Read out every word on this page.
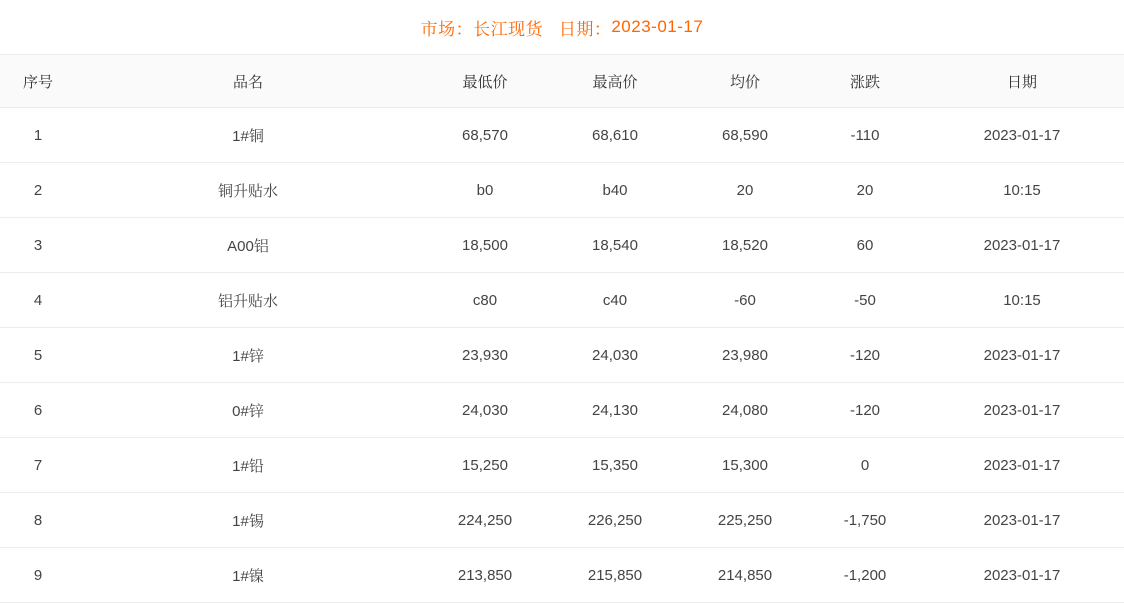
市场： 长江现货
日期： 2023-01-17
序号	品名	最低价	最高价	均价	涨跌	日期
1	1#铜	68,570	68,610	68,590	-110	2023-01-17
2	铜升贴水	b0	b40	20	20	10:15
3	A00铝	18,500	18,540	18,520	60	2023-01-17
4	铝升贴水	c80	c40	-60	-50	10:15
5	1#锌	23,930	24,030	23,980	-120	2023-01-17
6	0#锌	24,030	24,130	24,080	-120	2023-01-17
7	1#铅	15,250	15,350	15,300	0	2023-01-17
8	1#锡	224,250	226,250	225,250	-1,750	2023-01-17
9	1#镍	213,850	215,850	214,850	-1,200	2023-01-17
